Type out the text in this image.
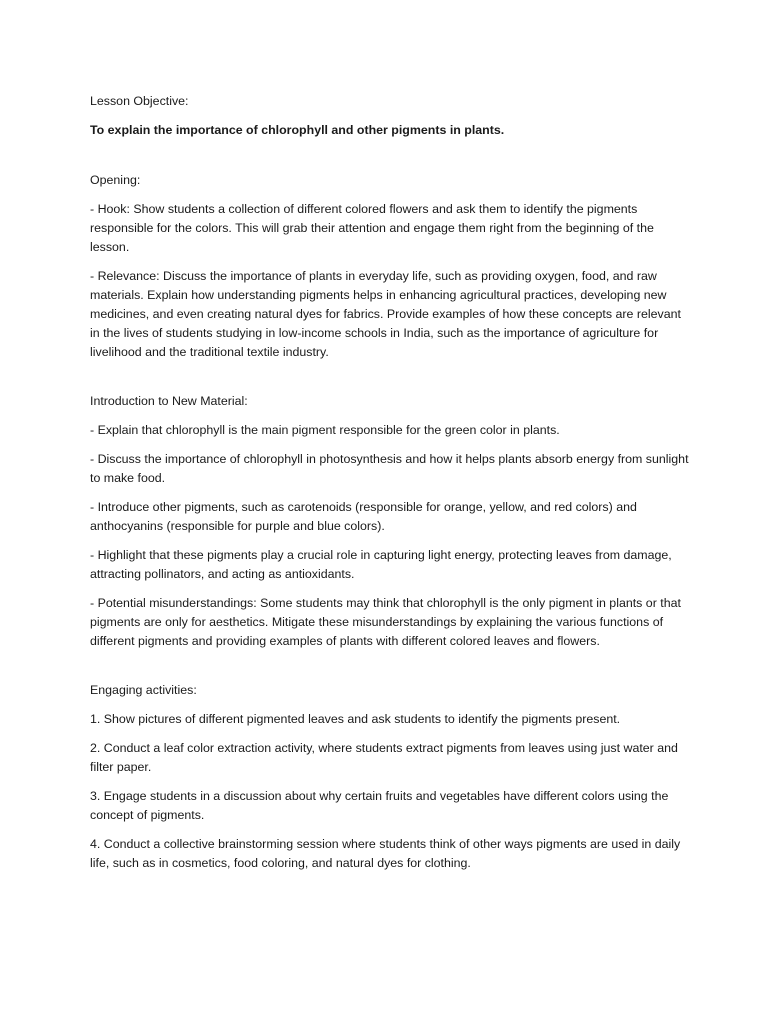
Lesson Objective:

To explain the importance of chlorophyll and other pigments in plants.

Opening:

- Hook: Show students a collection of different colored flowers and ask them to identify the pigments responsible for the colors. This will grab their attention and engage them right from the beginning of the lesson.

- Relevance: Discuss the importance of plants in everyday life, such as providing oxygen, food, and raw materials. Explain how understanding pigments helps in enhancing agricultural practices, developing new medicines, and even creating natural dyes for fabrics. Provide examples of how these concepts are relevant in the lives of students studying in low-income schools in India, such as the importance of agriculture for livelihood and the traditional textile industry.

Introduction to New Material:

- Explain that chlorophyll is the main pigment responsible for the green color in plants.

- Discuss the importance of chlorophyll in photosynthesis and how it helps plants absorb energy from sunlight to make food.

- Introduce other pigments, such as carotenoids (responsible for orange, yellow, and red colors) and anthocyanins (responsible for purple and blue colors).

- Highlight that these pigments play a crucial role in capturing light energy, protecting leaves from damage, attracting pollinators, and acting as antioxidants.

- Potential misunderstandings: Some students may think that chlorophyll is the only pigment in plants or that pigments are only for aesthetics. Mitigate these misunderstandings by explaining the various functions of different pigments and providing examples of plants with different colored leaves and flowers.

Engaging activities:

1. Show pictures of different pigmented leaves and ask students to identify the pigments present.

2. Conduct a leaf color extraction activity, where students extract pigments from leaves using just water and filter paper.

3. Engage students in a discussion about why certain fruits and vegetables have different colors using the concept of pigments.

4. Conduct a collective brainstorming session where students think of other ways pigments are used in daily life, such as in cosmetics, food coloring, and natural dyes for clothing.
